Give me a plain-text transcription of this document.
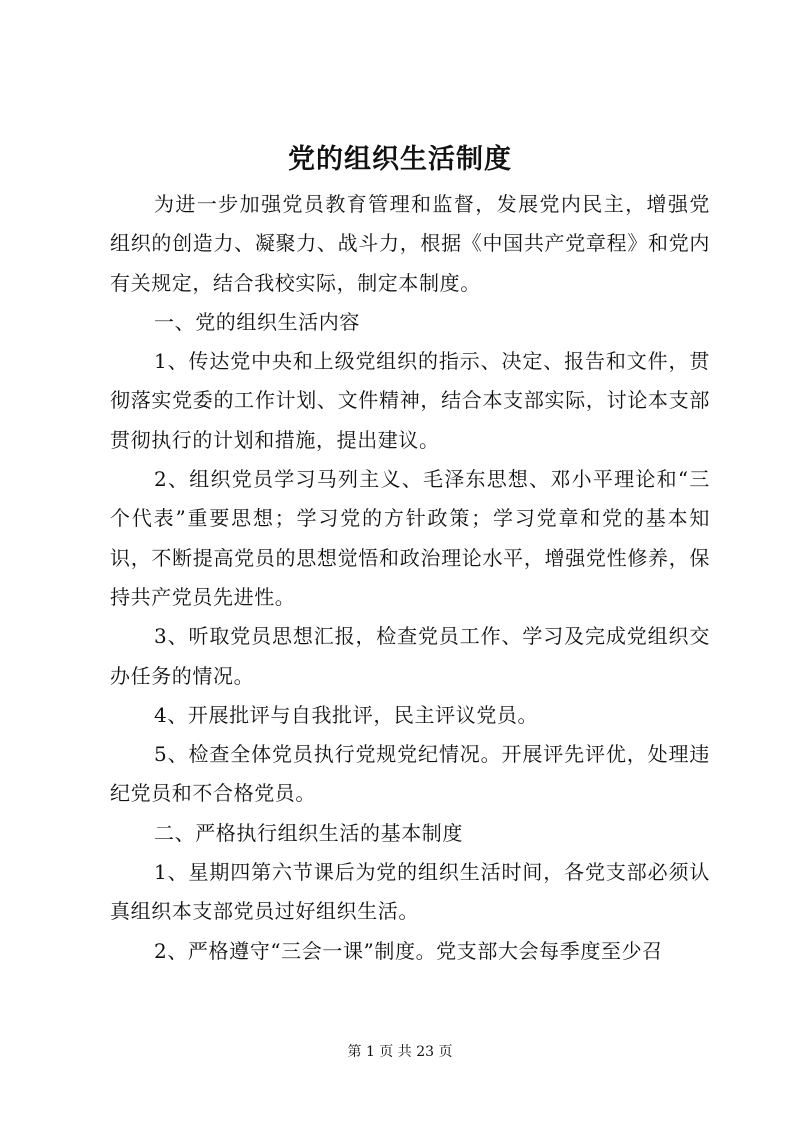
党的组织生活制度

为进一步加强党员教育管理和监督，发展党内民主，增强党组织的创造力、凝聚力、战斗力，根据《中国共产党章程》和党内有关规定，结合我校实际，制定本制度。

一、党的组织生活内容

1、传达党中央和上级党组织的指示、决定、报告和文件，贯彻落实党委的工作计划、文件精神，结合本支部实际，讨论本支部贯彻执行的计划和措施，提出建议。

2、组织党员学习马列主义、毛泽东思想、邓小平理论和“三个代表”重要思想；学习党的方针政策；学习党章和党的基本知识，不断提高党员的思想觉悟和政治理论水平，增强党性修养，保持共产党员先进性。

3、听取党员思想汇报，检查党员工作、学习及完成党组织交办任务的情况。

4、开展批评与自我批评，民主评议党员。

5、检查全体党员执行党规党纪情况。开展评先评优，处理违纪党员和不合格党员。

二、严格执行组织生活的基本制度

1、星期四第六节课后为党的组织生活时间，各党支部必须认真组织本支部党员过好组织生活。

2、严格遵守“三会一课”制度。党支部大会每季度至少召

第 1 页 共 23 页
